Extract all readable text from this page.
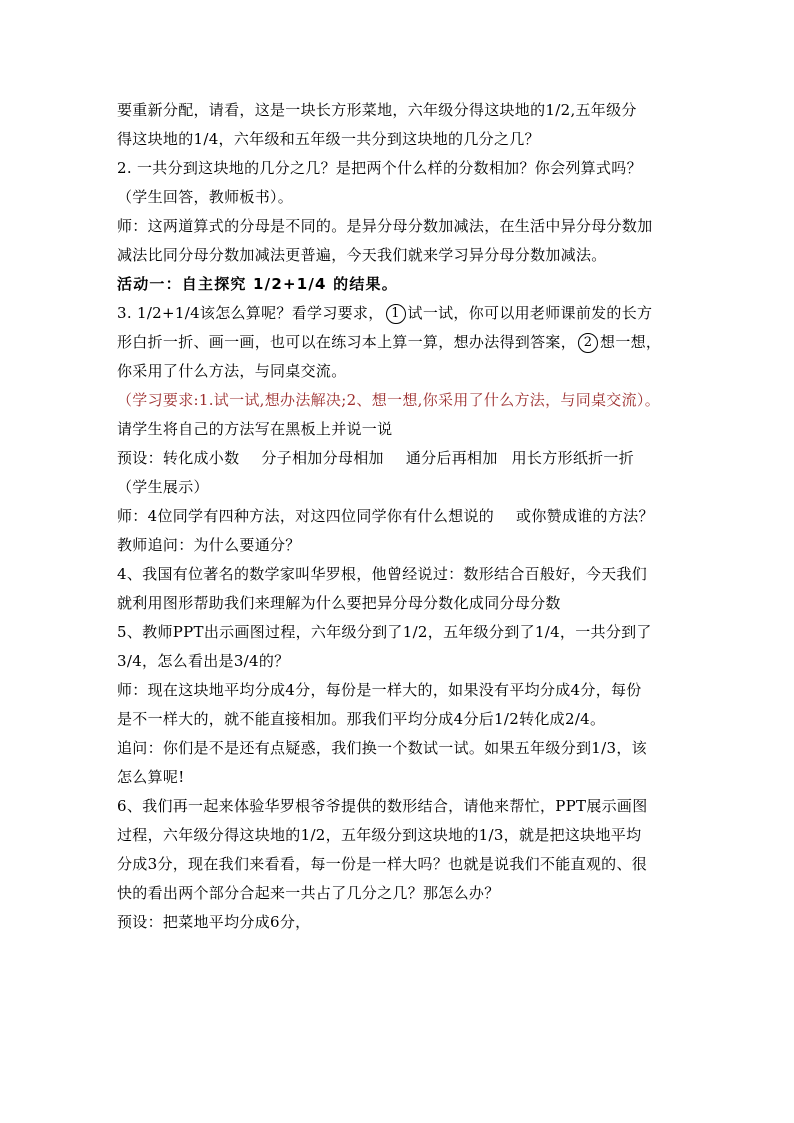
要重新分配，请看，这是一块长方形菜地，六年级分得这块地的1/2,五年级分
得这块地的1/4，六年级和五年级一共分到这块地的几分之几？
2. 一共分到这块地的几分之几？是把两个什么样的分数相加？你会列算式吗？
（学生回答，教师板书）。
师：这两道算式的分母是不同的。是异分母分数加减法，在生活中异分母分数加
减法比同分母分数加减法更普遍，今天我们就来学习异分母分数加减法。
活动一：自主探究 1/2+1/4 的结果。
3. 1/2+1/4该怎么算呢？看学习要求， 1 试一试，你可以用老师课前发的长方
形白折一折、画一画，也可以在练习本上算一算，想办法得到答案， 2 想一想，
你采用了什么方法，与同桌交流。
（学习要求:1.试一试,想办法解决;2、想一想,你采用了什么方法，与同桌交流）。
请学生将自己的方法写在黑板上并说一说
预设：转化成小数 分子相加分母相加 通分后再相加 用长方形纸折一折
（学生展示）
师：4位同学有四种方法，对这四位同学你有什么想说的 或你赞成谁的方法？
教师追问：为什么要通分？
4、我国有位著名的数学家叫华罗根，他曾经说过：数形结合百般好，今天我们
就利用图形帮助我们来理解为什么要把异分母分数化成同分母分数
5、教师PPT出示画图过程，六年级分到了1/2，五年级分到了1/4，一共分到了
3/4，怎么看出是3/4的？
师：现在这块地平均分成4分，每份是一样大的，如果没有平均分成4分，每份
是不一样大的，就不能直接相加。那我们平均分成4分后1/2转化成2/4。
追问：你们是不是还有点疑惑，我们换一个数试一试。如果五年级分到1/3，该
怎么算呢!
6、我们再一起来体验华罗根爷爷提供的数形结合，请他来帮忙，PPT展示画图
过程，六年级分得这块地的1/2，五年级分到这块地的1/3，就是把这块地平均
分成3分，现在我们来看看，每一份是一样大吗？也就是说我们不能直观的、很
快的看出两个部分合起来一共占了几分之几？那怎么办？
预设：把菜地平均分成6分，
